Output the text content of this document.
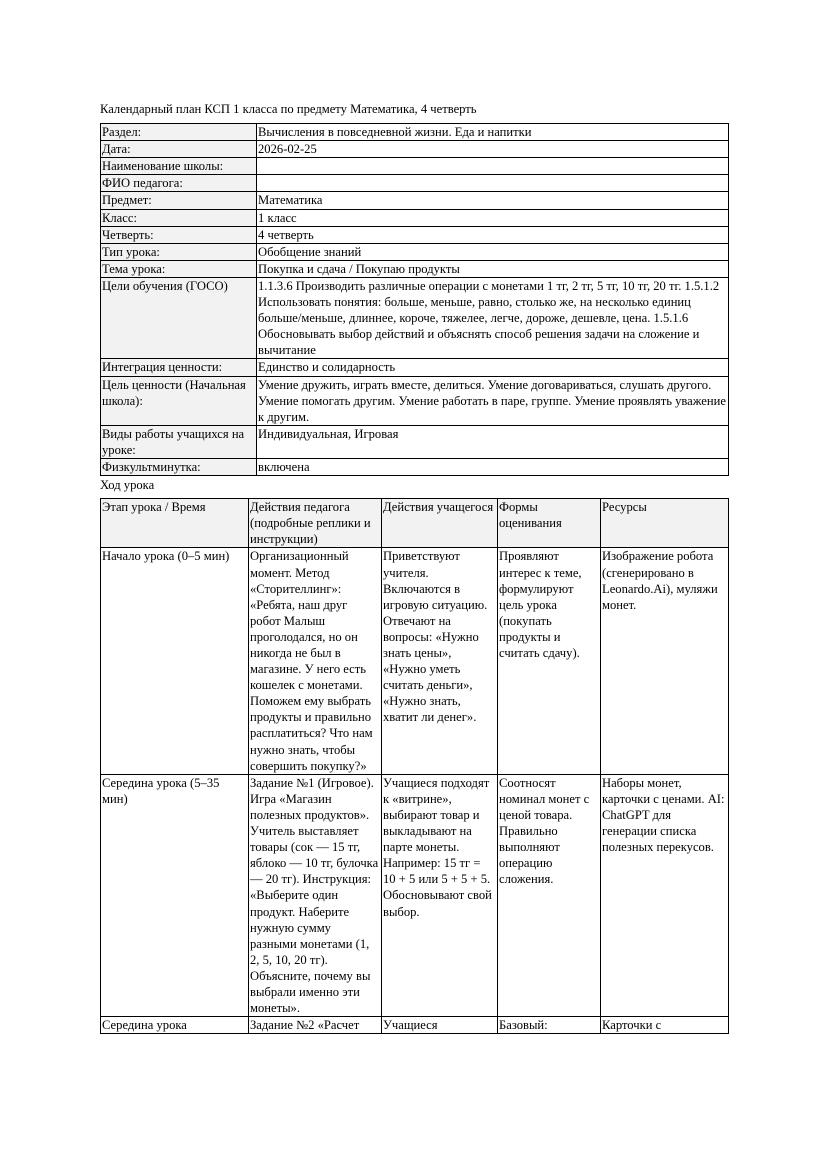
Календарный план КСП 1 класса по предмету Математика, 4 четверть

Раздел:	Вычисления в повседневной жизни. Еда и напитки
Дата:	2026-02-25
Наименование школы:	
ФИО педагога:	
Предмет:	Математика
Класс:	1 класс
Четверть:	4 четверть
Тип урока:	Обобщение знаний
Тема урока:	Покупка и сдача / Покупаю продукты
Цели обучения (ГОСО)	1.1.3.6 Производить различные операции с монетами 1 тг, 2 тг, 5 тг, 10 тг, 20 тг. 1.5.1.2 Использовать понятия: больше, меньше, равно, столько же, на несколько единиц больше/меньше, длиннее, короче, тяжелее, легче, дороже, дешевле, цена. 1.5.1.6 Обосновывать выбор действий и объяснять способ решения задачи на сложение и вычитание
Интеграция ценности:	Единство и солидарность
Цель ценности (Начальная школа):	Умение дружить, играть вместе, делиться. Умение договариваться, слушать другого. Умение помогать другим. Умение работать в паре, группе. Умение проявлять уважение к другим.
Виды работы учащихся на уроке:	Индивидуальная, Игровая
Физкультминутка:	включена

Ход урока

Этап урока / Время	Действия педагога (подробные реплики и инструкции)	Действия учащегося	Формы оценивания	Ресурсы
Начало урока (0–5 мин)	Организационный момент. Метод «Сторителлинг»: «Ребята, наш друг робот Малыш проголодался, но он никогда не был в магазине. У него есть кошелек с монетами. Поможем ему выбрать продукты и правильно расплатиться? Что нам нужно знать, чтобы совершить покупку?»	Приветствуют учителя. Включаются в игровую ситуацию. Отвечают на вопросы: «Нужно знать цены», «Нужно уметь считать деньги», «Нужно знать, хватит ли денег».	Проявляют интерес к теме, формулируют цель урока (покупать продукты и считать сдачу).	Изображение робота (сгенерировано в Leonardo.Ai), муляжи монет.
Середина урока (5–35 мин)	Задание №1 (Игровое). Игра «Магазин полезных продуктов». Учитель выставляет товары (сок — 15 тг, яблоко — 10 тг, булочка — 20 тг). Инструкция: «Выберите один продукт. Наберите нужную сумму разными монетами (1, 2, 5, 10, 20 тг). Объясните, почему вы выбрали именно эти монеты».	Учащиеся подходят к «витрине», выбирают товар и выкладывают на парте монеты. Например: 15 тг = 10 + 5 или 5 + 5 + 5. Обосновывают свой выбор.	Соотносят номинал монет с ценой товара. Правильно выполняют операцию сложения.	Наборы монет, карточки с ценами. AI: ChatGPT для генерации списка полезных перекусов.
Середина урока	Задание №2 «Расчет	Учащиеся	Базовый:	Карточки с
